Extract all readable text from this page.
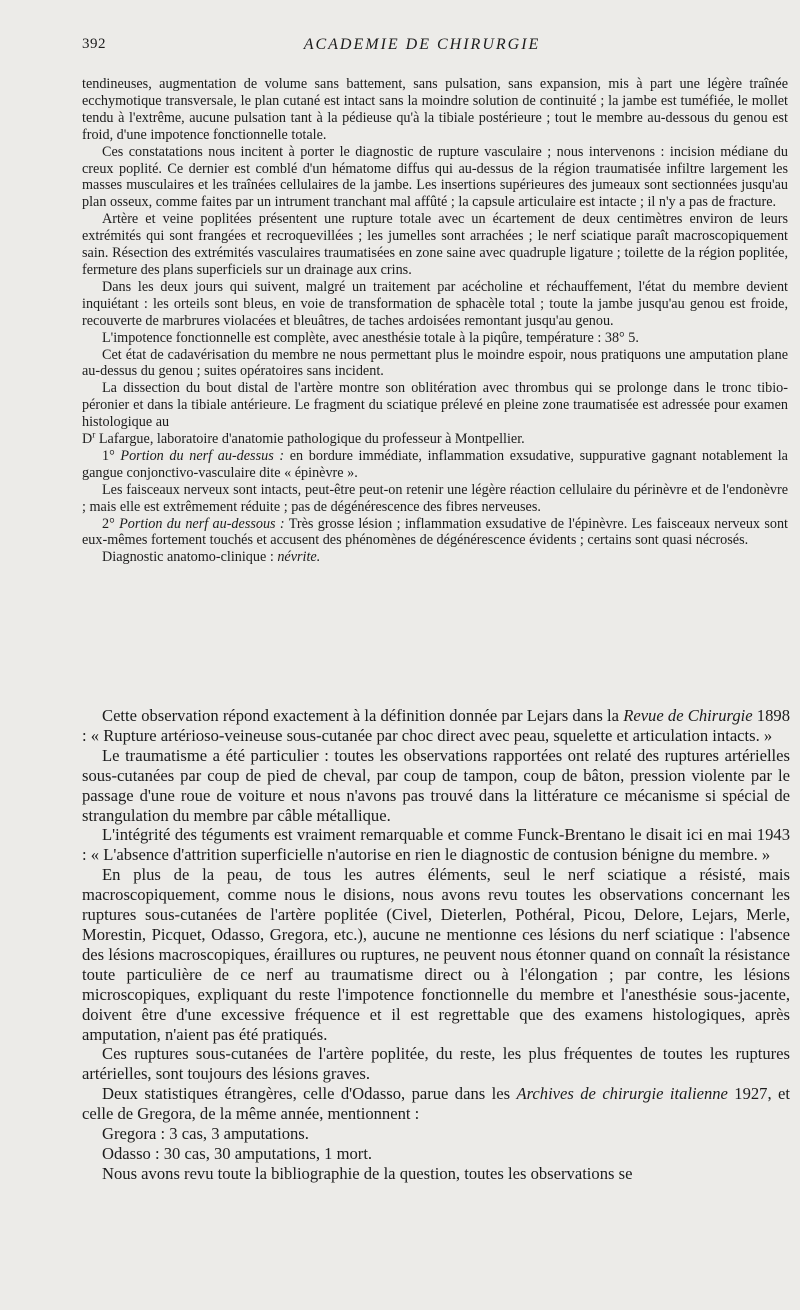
392	ACADEMIE DE CHIRURGIE

tendineuses, augmentation de volume sans battement, sans pulsation, sans expansion, mis à part une légère traînée ecchymotique transversale, le plan cutané est intact sans la moindre solution de continuité ; la jambe est tuméfiée, le mollet tendu à l'extrême, aucune pulsation tant à la pédieuse qu'à la tibiale postérieure ; tout le membre au-dessous du genou est froid, d'une impotence fonctionnelle totale.

Ces constatations nous incitent à porter le diagnostic de rupture vasculaire ; nous intervenons : incision médiane du creux poplité. Ce dernier est comblé d'un hématome diffus qui au-dessus de la région traumatisée infiltre largement les masses musculaires et les traînées cellulaires de la jambe. Les insertions supérieures des jumeaux sont sectionnées jusqu'au plan osseux, comme faites par un intrument tranchant mal affûté ; la capsule articulaire est intacte ; il n'y a pas de fracture.

Artère et veine poplitées présentent une rupture totale avec un écartement de deux centimètres environ de leurs extrémités qui sont frangées et recroquevillées ; les jumelles sont arrachées ; le nerf sciatique paraît macroscopiquement sain. Résection des extrémités vasculaires traumatisées en zone saine avec quadruple ligature ; toilette de la région poplitée, fermeture des plans superficiels sur un drainage aux crins.

Dans les deux jours qui suivent, malgré un traitement par acécholine et réchauffement, l'état du membre devient inquiétant : les orteils sont bleus, en voie de transformation de sphacèle total ; toute la jambe jusqu'au genou est froide, recouverte de marbrures violacées et bleuâtres, de taches ardoisées remontant jusqu'au genou.

L'impotence fonctionnelle est complète, avec anesthésie totale à la piqûre, température : 38° 5.

Cet état de cadavérisation du membre ne nous permettant plus le moindre espoir, nous pratiquons une amputation plane au-dessus du genou ; suites opératoires sans incident.

La dissection du bout distal de l'artère montre son oblitération avec thrombus qui se prolonge dans le tronc tibio-péronier et dans la tibiale antérieure. Le fragment du sciatique prélevé en pleine zone traumatisée est adressée pour examen histologique au

$D^r$ Lafargue, laboratoire d'anatomie pathologique du professeur à Montpellier.

1° Portion du nerf au-dessus : en bordure immédiate, inflammation exsudative, suppurative gagnant notablement la gangue conjonctivo-vasculaire dite « épinèvre ».

Les faisceaux nerveux sont intacts, peut-être peut-on retenir une légère réaction cellulaire du périnèvre et de l'endonèvre ; mais elle est extrêmement réduite ; pas de dégénérescence des fibres nerveuses.

2° Portion du nerf au-dessous : Très grosse lésion ; inflammation exsudative de l'épinèvre. Les faisceaux nerveux sont eux-mêmes fortement touchés et accusent des phénomènes de dégénérescence évidents ; certains sont quasi nécrosés.

Diagnostic anatomo-clinique : névrite.

Cette observation répond exactement à la définition donnée par Lejars dans la Revue de Chirurgie 1898 : « Rupture artérioso-veineuse sous-cutanée par choc direct avec peau, squelette et articulation intacts. »

Le traumatisme a été particulier : toutes les observations rapportées ont relaté des ruptures artérielles sous-cutanées par coup de pied de cheval, par coup de tampon, coup de bâton, pression violente par le passage d'une roue de voiture et nous n'avons pas trouvé dans la littérature ce mécanisme si spécial de strangulation du membre par câble métallique.

L'intégrité des téguments est vraiment remarquable et comme Funck-Brentano le disait ici en mai 1943 : « L'absence d'attrition superficielle n'autorise en rien le diagnostic de contusion bénigne du membre. »

En plus de la peau, de tous les autres éléments, seul le nerf sciatique a résisté, mais macroscopiquement, comme nous le disions, nous avons revu toutes les observations concernant les ruptures sous-cutanées de l'artère poplitée (Civel, Dieterlen, Pothéral, Picou, Delore, Lejars, Merle, Morestin, Picquet, Odasso, Gregora, etc.), aucune ne mentionne ces lésions du nerf sciatique : l'absence des lésions macroscopiques, éraillures ou ruptures, ne peuvent nous étonner quand on connaît la résistance toute particulière de ce nerf au traumatisme direct ou à l'élongation ; par contre, les lésions microscopiques, expliquant du reste l'impotence fonctionnelle du membre et l'anesthésie sous-jacente, doivent être d'une excessive fréquence et il est regrettable que des examens histologiques, après amputation, n'aient pas été pratiqués.

Ces ruptures sous-cutanées de l'artère poplitée, du reste, les plus fréquentes de toutes les ruptures artérielles, sont toujours des lésions graves.

Deux statistiques étrangères, celle d'Odasso, parue dans les Archives de chirurgie italienne 1927, et celle de Gregora, de la même année, mentionnent :

Gregora : 3 cas, 3 amputations.

Odasso : 30 cas, 30 amputations, 1 mort.

Nous avons revu toute la bibliographie de la question, toutes les observations se
